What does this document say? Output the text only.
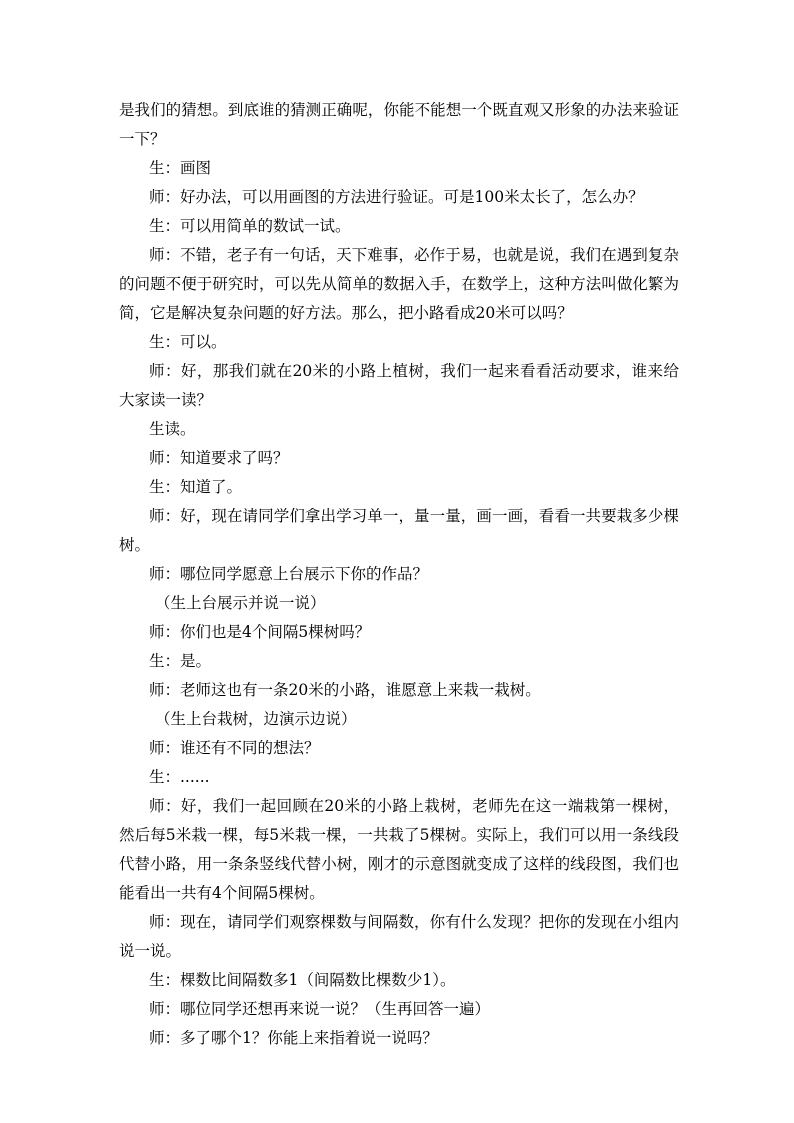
是我们的猜想。到底谁的猜测正确呢，你能不能想一个既直观又形象的办法来验证一下？

生：画图

师：好办法，可以用画图的方法进行验证。可是100米太长了，怎么办？

生：可以用简单的数试一试。

师：不错，老子有一句话，天下难事，必作于易，也就是说，我们在遇到复杂的问题不便于研究时，可以先从简单的数据入手，在数学上，这种方法叫做化繁为简，它是解决复杂问题的好方法。那么，把小路看成20米可以吗？

生：可以。

师：好，那我们就在20米的小路上植树，我们一起来看看活动要求，谁来给大家读一读？

生读。

师：知道要求了吗？

生：知道了。

师：好，现在请同学们拿出学习单一，量一量，画一画，看看一共要栽多少棵树。

师：哪位同学愿意上台展示下你的作品？

（生上台展示并说一说）

师：你们也是4个间隔5棵树吗？

生：是。

师：老师这也有一条20米的小路，谁愿意上来栽一栽树。

（生上台栽树，边演示边说）

师：谁还有不同的想法？

生：......

师：好，我们一起回顾在20米的小路上栽树，老师先在这一端栽第一棵树，然后每5米栽一棵，每5米栽一棵，一共栽了5棵树。实际上，我们可以用一条线段代替小路，用一条条竖线代替小树，刚才的示意图就变成了这样的线段图，我们也能看出一共有4个间隔5棵树。

师：现在，请同学们观察棵数与间隔数，你有什么发现？把你的发现在小组内说一说。

生：棵数比间隔数多1（间隔数比棵数少1）。

师：哪位同学还想再来说一说？（生再回答一遍）

师：多了哪个1？你能上来指着说一说吗？
